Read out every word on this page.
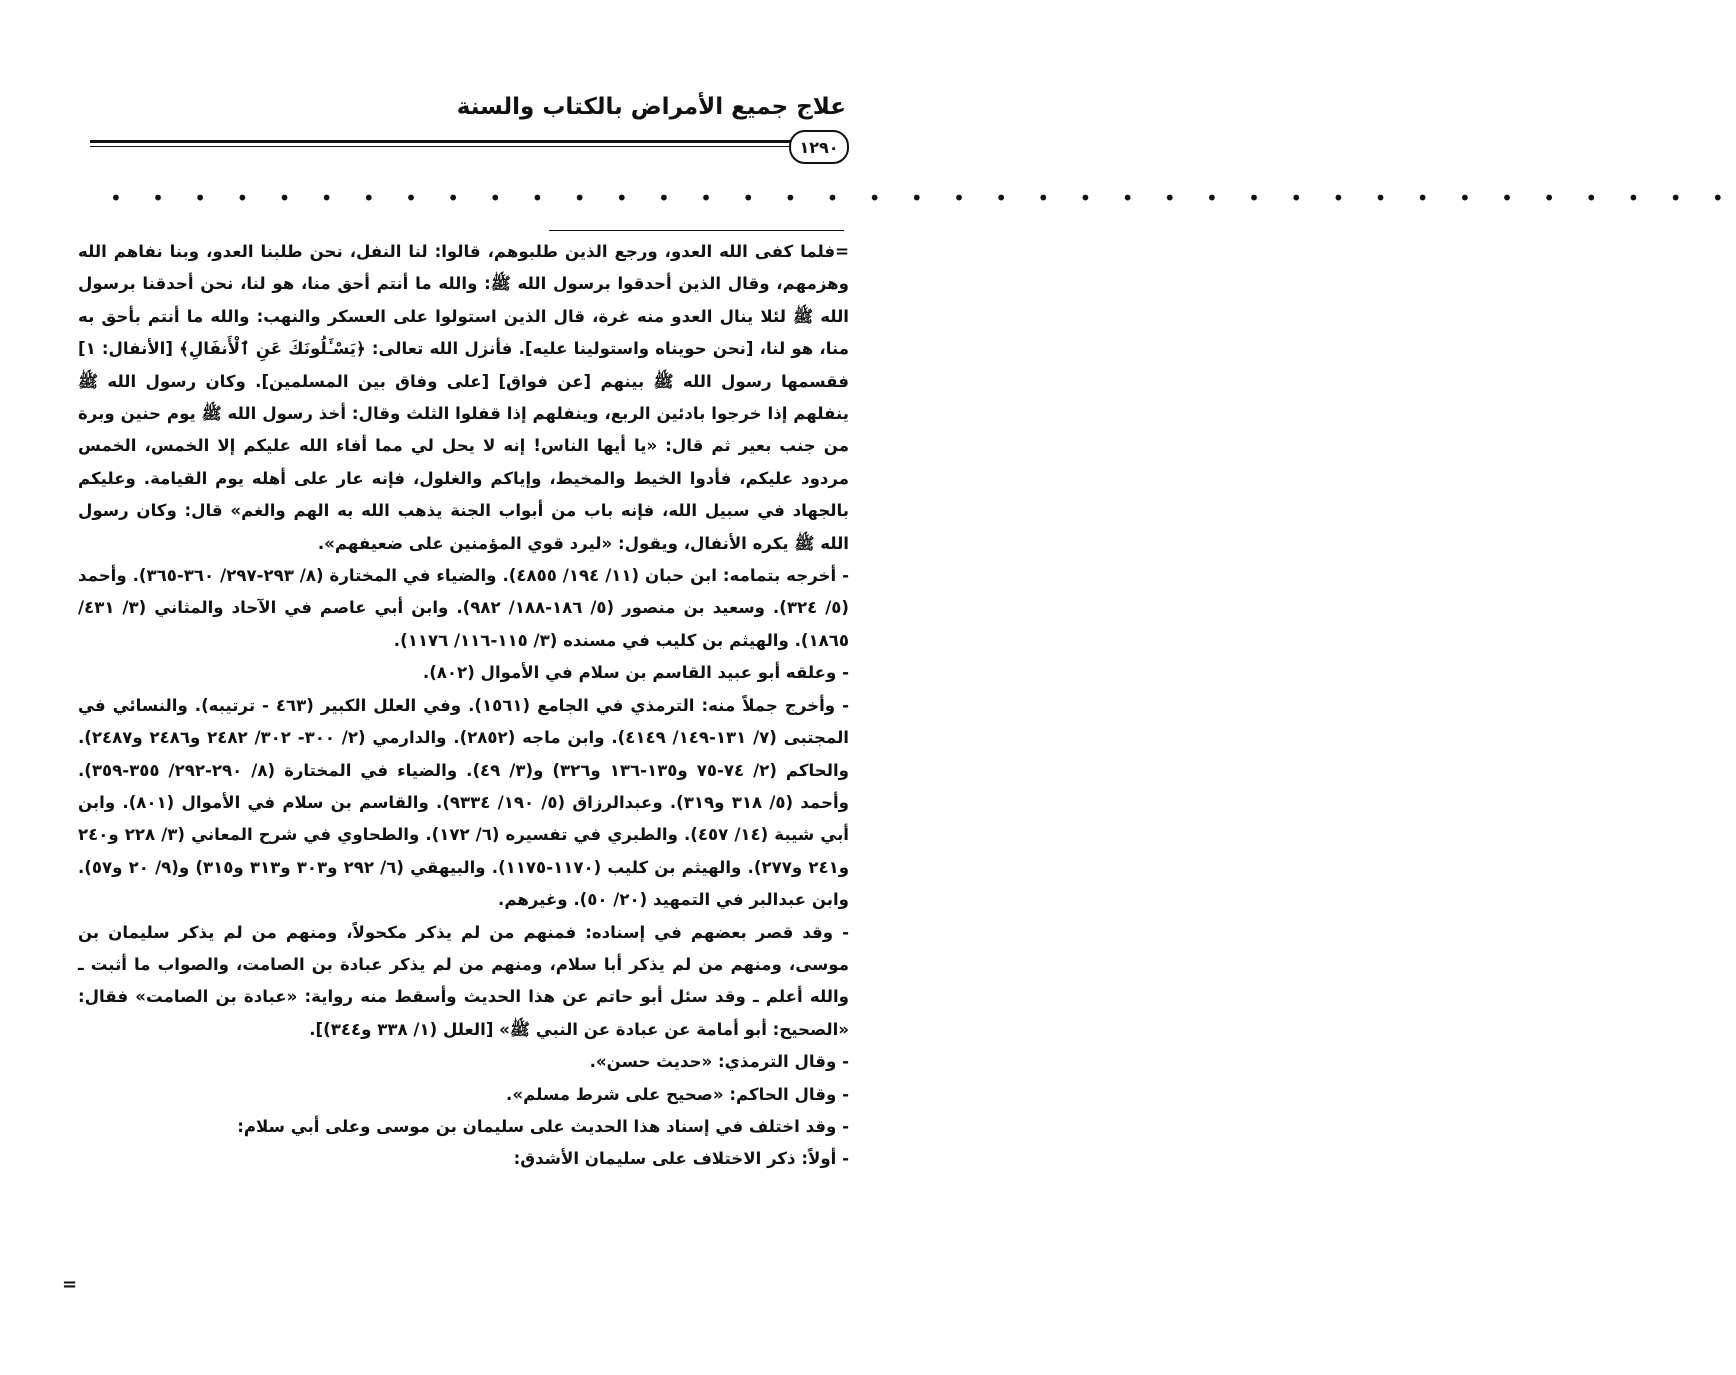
علاج جميع الأمراض بالكتاب والسنة
١٢٩٠
• • • • • • • • • • • • • • • • • • • • • • • • • • • • • • • • • • • • • • •

=فلما كفى الله العدو، ورجع الذين طلبوهم، قالوا: لنا النفل، نحن طلبنا العدو، وبنا نفاهم الله وهزمهم، وقال الذين أحدقوا برسول الله ﷺ: والله ما أنتم أحق منا، هو لنا، نحن أحدقنا برسول الله ﷺ لئلا ينال العدو منه غرة، قال الذين استولوا على العسكر والنهب: والله ما أنتم بأحق به منا، هو لنا، [نحن حويناه واستولينا عليه]. فأنزل الله تعالى: ﴿يَسْـَٔلُونَكَ عَنِ ٱلْأَنفَالِ﴾ [الأنفال: ١] فقسمها رسول الله ﷺ بينهم [عن فواق] [على وفاق بين المسلمين]. وكان رسول الله ﷺ ينفلهم إذا خرجوا بادئين الربع، وينفلهم إذا قفلوا الثلث وقال: أخذ رسول الله ﷺ يوم حنين وبرة من جنب بعير ثم قال: «يا أيها الناس! إنه لا يحل لي مما أفاء الله عليكم إلا الخمس، الخمس مردود عليكم، فأدوا الخيط والمخيط، وإياكم والغلول، فإنه عار على أهله يوم القيامة. وعليكم بالجهاد في سبيل الله، فإنه باب من أبواب الجنة يذهب الله به الهم والغم» قال: وكان رسول الله ﷺ يكره الأنفال، ويقول: «ليرد قوي المؤمنين على ضعيفهم».

- أخرجه بتمامه: ابن حبان (١١/ ١٩٤/ ٤٨٥٥). والضياء في المختارة (٨/ ٢٩٣-٢٩٧/ ٣٦٠-٣٦٥). وأحمد (٥/ ٣٢٤). وسعيد بن منصور (٥/ ١٨٦-١٨٨/ ٩٨٢). وابن أبي عاصم في الآحاد والمثاني (٣/ ٤٣١/ ١٨٦٥). والهيثم بن كليب في مسنده (٣/ ١١٥-١١٦/ ١١٧٦).

- وعلقه أبو عبيد القاسم بن سلام في الأموال (٨٠٢).

- وأخرج جملاً منه: الترمذي في الجامع (١٥٦١). وفي العلل الكبير (٤٦٣ - ترتيبه). والنسائي في المجتبى (٧/ ١٣١-١٤٩/ ٤١٤٩). وابن ماجه (٢٨٥٢). والدارمي (٢/ ٣٠٠- ٣٠٢/ ٢٤٨٢ و٢٤٨٦ و٢٤٨٧). والحاكم (٢/ ٧٤-٧٥ و١٣٥-١٣٦ و٣٢٦) و(٣/ ٤٩). والضياء في المختارة (٨/ ٢٩٠-٢٩٢/ ٣٥٥-٣٥٩). وأحمد (٥/ ٣١٨ و٣١٩). وعبدالرزاق (٥/ ١٩٠/ ٩٣٣٤). والقاسم بن سلام في الأموال (٨٠١). وابن أبي شيبة (١٤/ ٤٥٧). والطبري في تفسيره (٦/ ١٧٢). والطحاوي في شرح المعاني (٣/ ٢٢٨ و٢٤٠ و٢٤١ و٢٧٧). والهيثم بن كليب (١١٧٠-١١٧٥). والبيهقي (٦/ ٢٩٢ و٣٠٣ و٣١٣ و٣١٥) و(٩/ ٢٠ و٥٧). وابن عبدالبر في التمهيد (٢٠/ ٥٠). وغيرهم.

- وقد قصر بعضهم في إسناده: فمنهم من لم يذكر مكحولاً، ومنهم من لم يذكر سليمان بن موسى، ومنهم من لم يذكر أبا سلام، ومنهم من لم يذكر عبادة بن الصامت، والصواب ما أثبت ـ والله أعلم ـ وقد سئل أبو حاتم عن هذا الحديث وأسقط منه رواية: «عبادة بن الصامت» فقال: «الصحيح: أبو أمامة عن عبادة عن النبي ﷺ» [العلل (١/ ٣٣٨ و٣٤٤)].

- وقال الترمذي: «حديث حسن».

- وقال الحاكم: «صحيح على شرط مسلم».

- وقد اختلف في إسناد هذا الحديث على سليمان بن موسى وعلى أبي سلام:

- أولاً: ذكر الاختلاف على سليمان الأشدق:

=
